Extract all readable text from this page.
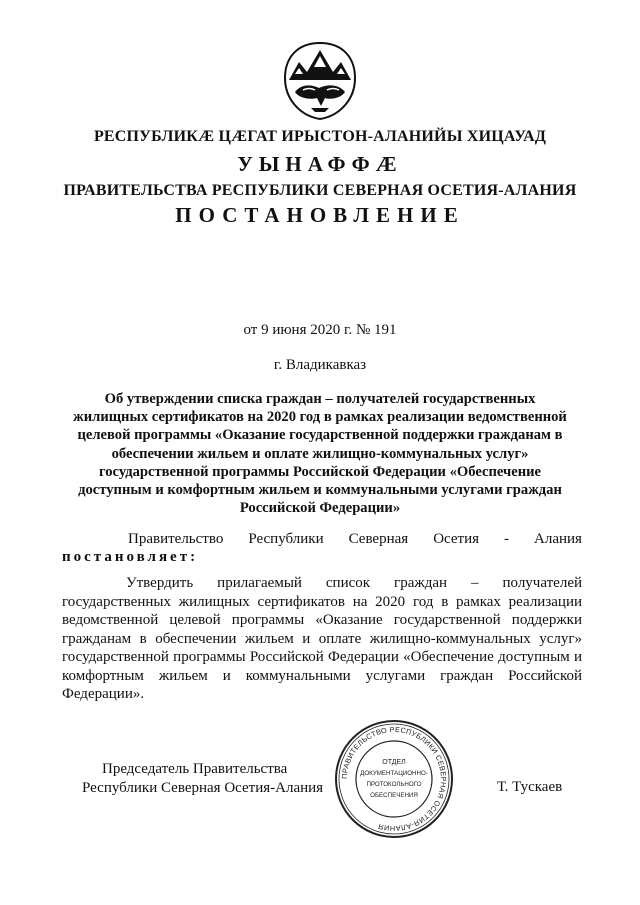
РЕСПУБЛИКӔ ЦӔГАТ ИРЫСТОН-АЛАНИЙЫ ХИЦАУАД
УЫНАФФӔ
ПРАВИТЕЛЬСТВА РЕСПУБЛИКИ СЕВЕРНАЯ ОСЕТИЯ-АЛАНИЯ
ПОСТАНОВЛЕНИЕ
от 9 июня 2020 г. № 191
г. Владикавказ
Об утверждении списка граждан – получателей государственных жилищных сертификатов на 2020 год в рамках реализации ведомственной целевой программы «Оказание государственной поддержки гражданам в обеспечении жильем и оплате жилищно-коммунальных услуг» государственной программы Российской Федерации «Обеспечение доступным и комфортным жильем и коммунальными услугами граждан Российской Федерации»
Правительство Республики Северная Осетия - Алания
постановляет:
Утвердить прилагаемый список граждан – получателей государственных жилищных сертификатов на 2020 год в рамках реализации ведомственной целевой программы «Оказание государственной поддержки гражданам в обеспечении жильем и оплате жилищно-коммунальных услуг» государственной программы Российской Федерации «Обеспечение доступным и комфортным жильем и коммунальными услугами граждан Российской Федерации».
Председатель Правительства
Республики Северная Осетия-Алания	Т. Тускаев
ПРАВИТЕЛЬСТВО РЕСПУБЛИКИ СЕВЕРНАЯ ОСЕТИЯ-АЛАНИЯ
ОТДЕЛ
ДОКУМЕНТАЦИОННО-
ПРОТОКОЛЬНОГО
ОБЕСПЕЧЕНИЯ
